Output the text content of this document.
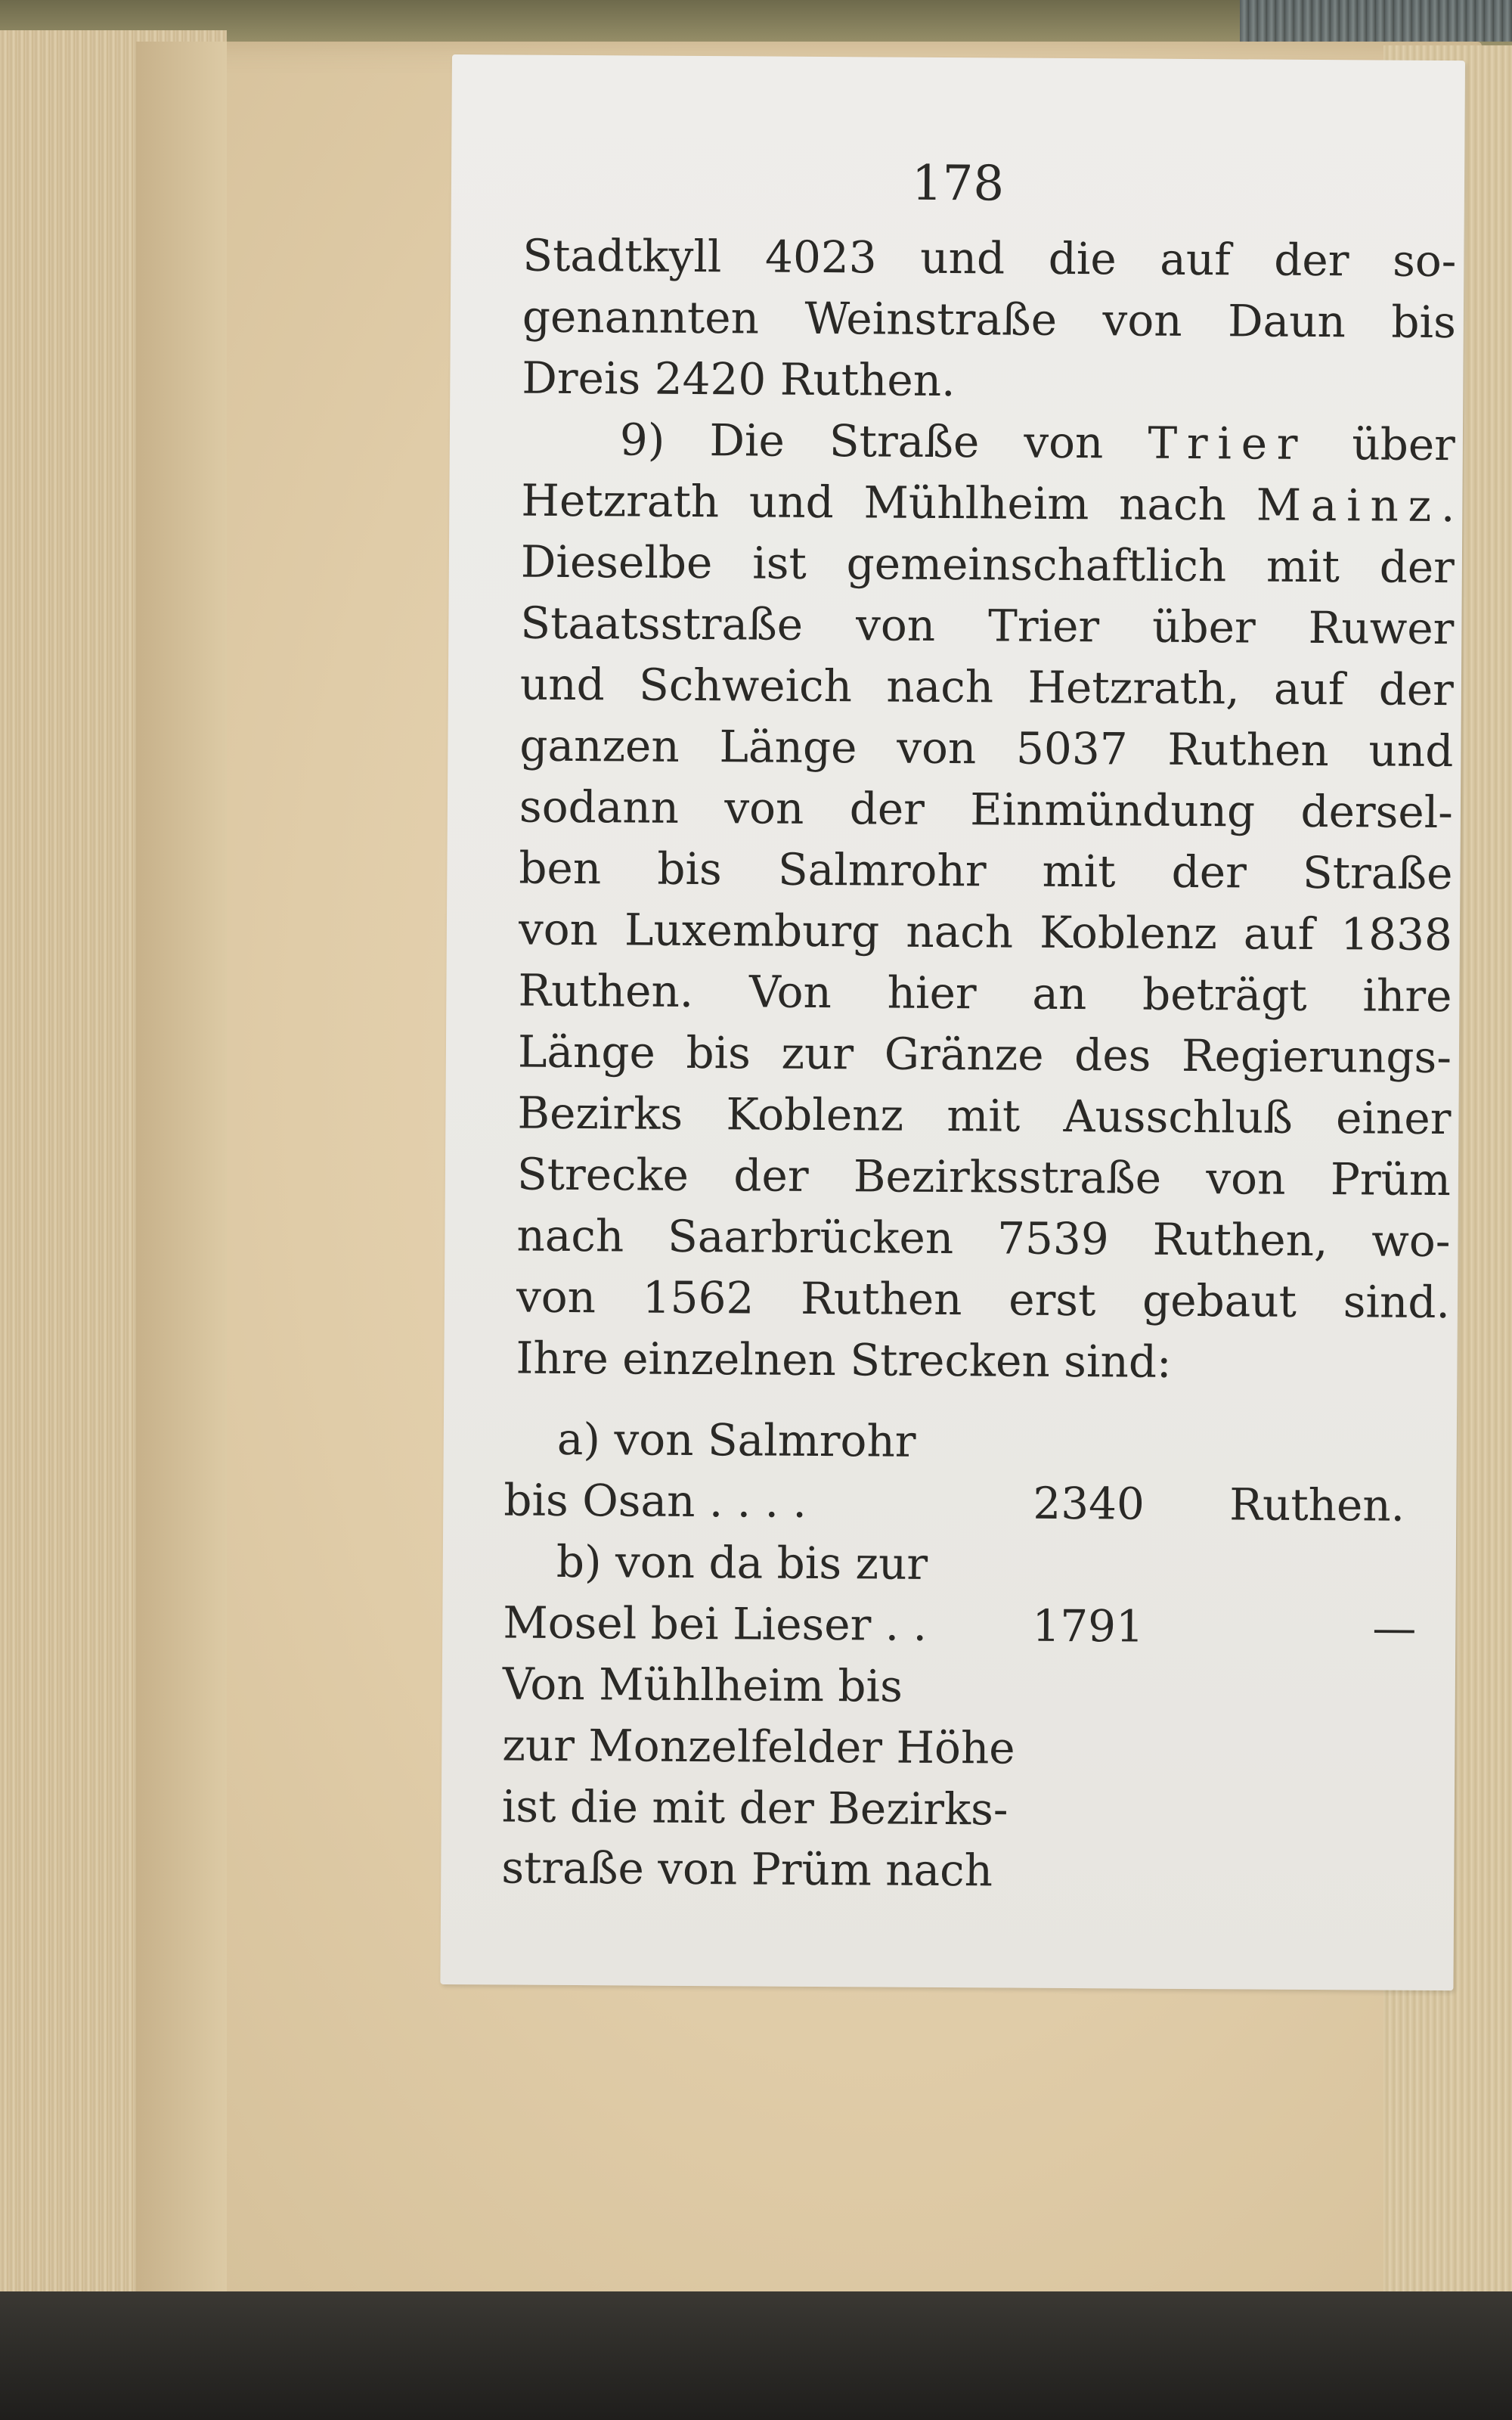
178
Stadtkyll 4023 und die auf der so-
genannten Weinstraße von Daun bis
Dreis 2420 Ruthen.
9) Die Straße von Trier über
Hetzrath und Mühlheim nach Mainz.
Dieselbe ist gemeinschaftlich mit der
Staatsstraße von Trier über Ruwer
und Schweich nach Hetzrath, auf der
ganzen Länge von 5037 Ruthen und
sodann von der Einmündung dersel-
ben bis Salmrohr mit der Straße
von Luxemburg nach Koblenz auf 1838
Ruthen. Von hier an beträgt ihre
Länge bis zur Gränze des Regierungs-
Bezirks Koblenz mit Ausschluß einer
Strecke der Bezirksstraße von Prüm
nach Saarbrücken 7539 Ruthen, wo-
von 1562 Ruthen erst gebaut sind.
Ihre einzelnen Strecken sind:
a) von Salmrohr
bis Osan . . . .	2340 Ruthen.
b) von da bis zur
Mosel bei Lieser . . 1791	—
Von Mühlheim bis
zur Monzelfelder Höhe
ist die mit der Bezirks-
straße von Prüm nach
